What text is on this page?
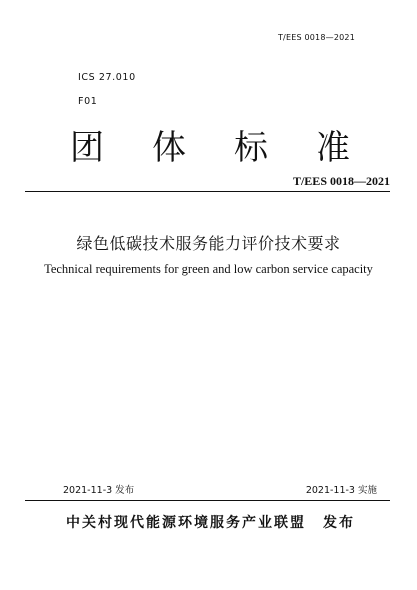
T/EES 0018—2021
ICS 27.010
F01
团 体 标 准
T/EES 0018—2021
绿色低碳技术服务能力评价技术要求
Technical requirements for green and low carbon service capacity
2021-11-3 发布	2021-11-3 实施
中关村现代能源环境服务产业联盟 发布
